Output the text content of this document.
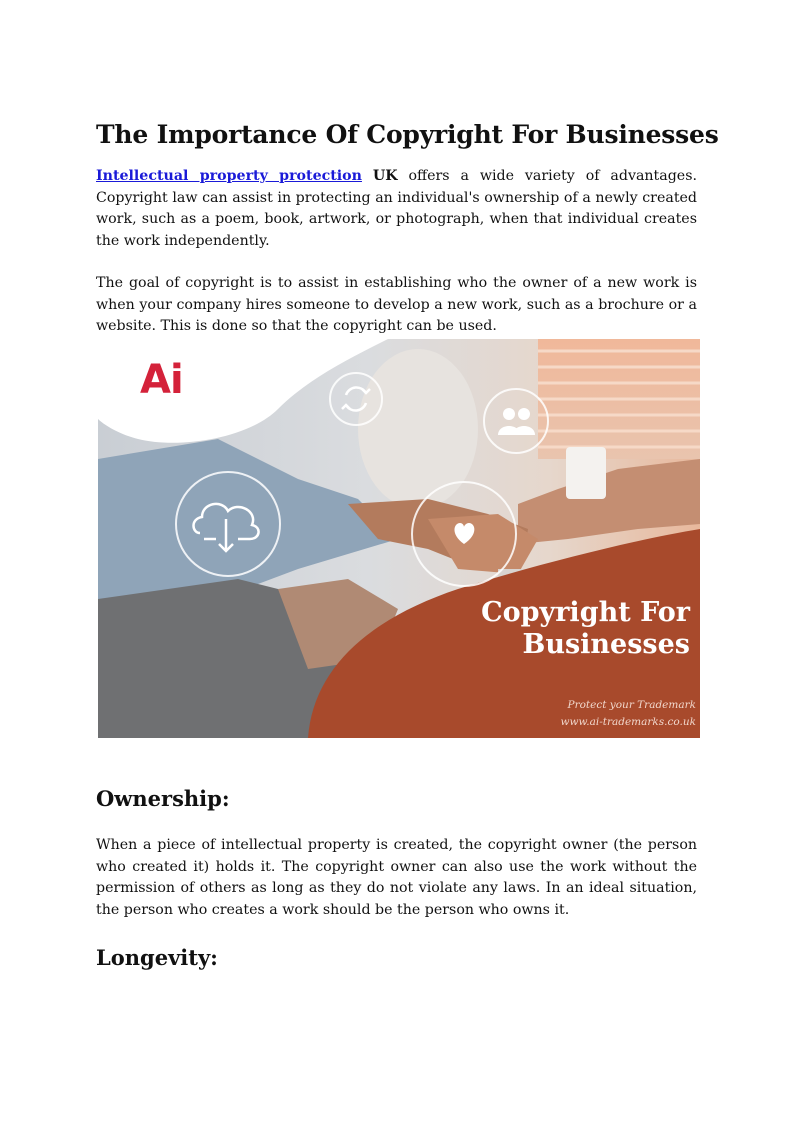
The Importance Of Copyright For Businesses

Intellectual property protection UK offers a wide variety of advantages. Copyright law can assist in protecting an individual's ownership of a newly created work, such as a poem, book, artwork, or photograph, when that individual creates the work independently.

The goal of copyright is to assist in establishing who the owner of a new work is when your company hires someone to develop a new work, such as a brochure or a website. This is done so that the copyright can be used.

Ownership:

When a piece of intellectual property is created, the copyright owner (the person who created it) holds it. The copyright owner can also use the work without the permission of others as long as they do not violate any laws. In an ideal situation, the person who creates a work should be the person who owns it.

Longevity:
Ai
Copyright For
Businesses
Protect your Trademark
www.ai-trademarks.co.uk
